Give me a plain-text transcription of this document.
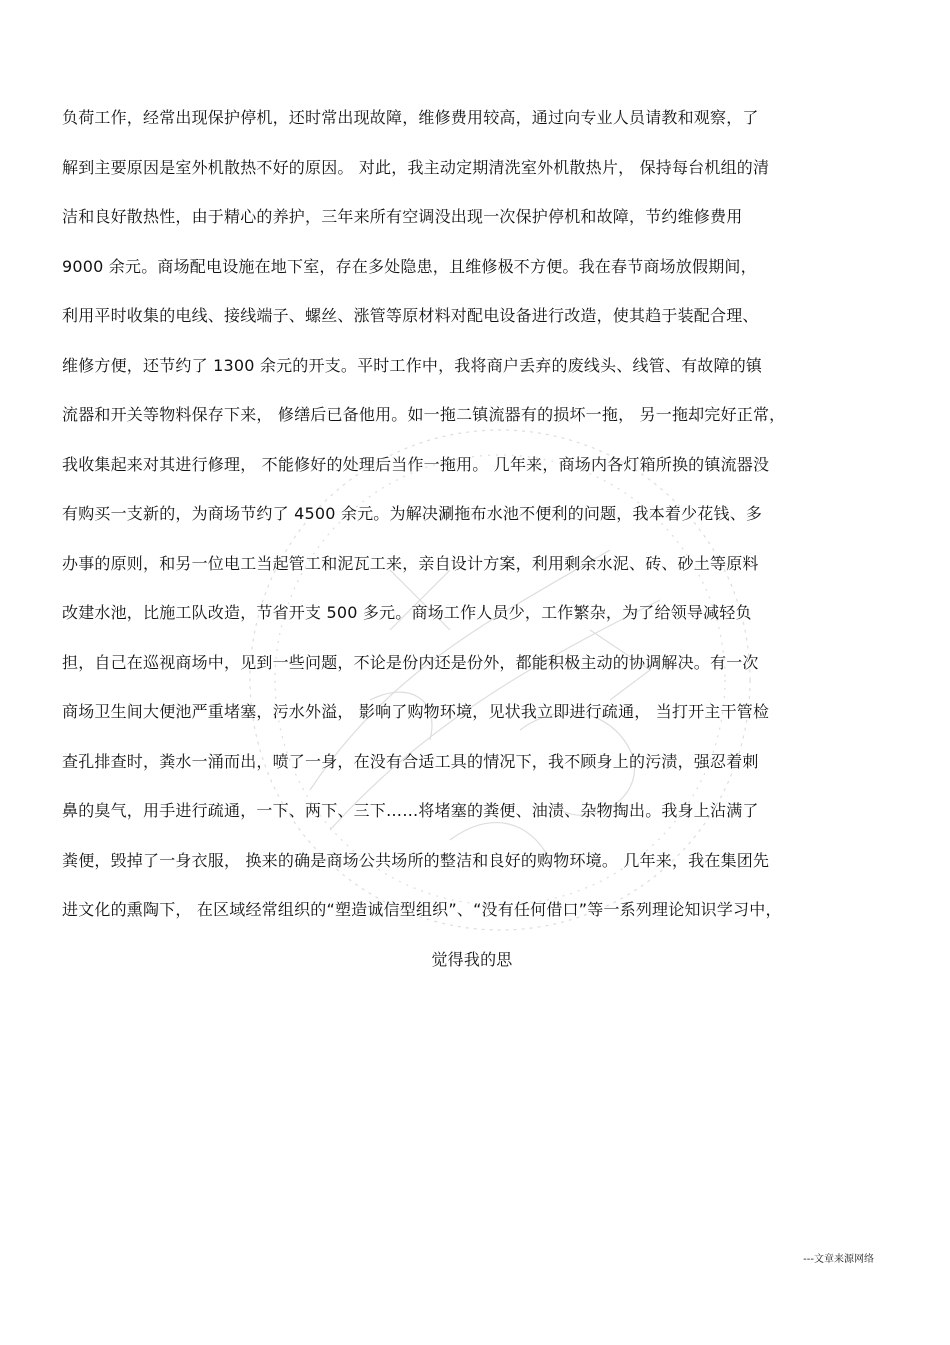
负荷工作，经常出现保护停机，还时常出现故障，维修费用较高，通过向专业人员请教和观察，了
解到主要原因是室外机散热不好的原因。 对此，我主动定期清洗室外机散热片， 保持每台机组的清
洁和良好散热性，由于精心的养护，三年来所有空调没出现一次保护停机和故障，节约维修费用
9000 余元。商场配电设施在地下室，存在多处隐患，且维修极不方便。我在春节商场放假期间，
利用平时收集的电线、接线端子、螺丝、涨管等原材料对配电设备进行改造，使其趋于装配合理、
维修方便，还节约了 1300 余元的开支。平时工作中，我将商户丢弃的废线头、线管、有故障的镇
流器和开关等物料保存下来， 修缮后已备他用。如一拖二镇流器有的损坏一拖， 另一拖却完好正常，
我收集起来对其进行修理， 不能修好的处理后当作一拖用。 几年来，商场内各灯箱所换的镇流器没
有购买一支新的，为商场节约了 4500 余元。为解决涮拖布水池不便利的问题，我本着少花钱、多
办事的原则，和另一位电工当起管工和泥瓦工来，亲自设计方案，利用剩余水泥、砖、砂土等原料
改建水池，比施工队改造，节省开支 500 多元。商场工作人员少，工作繁杂，为了给领导减轻负
担，自己在巡视商场中，见到一些问题，不论是份内还是份外，都能积极主动的协调解决。有一次
商场卫生间大便池严重堵塞，污水外溢， 影响了购物环境，见状我立即进行疏通， 当打开主干管检
查孔排查时，粪水一涌而出，喷了一身，在没有合适工具的情况下，我不顾身上的污渍，强忍着刺
鼻的臭气，用手进行疏通，一下、两下、三下……将堵塞的粪便、油渍、杂物掏出。我身上沾满了
粪便，毁掉了一身衣服， 换来的确是商场公共场所的整洁和良好的购物环境。 几年来，我在集团先
进文化的熏陶下， 在区域经常组织的“塑造诚信型组织”、“没有任何借口”等一系列理论知识学习中，
觉得我的思
---文章来源网络
